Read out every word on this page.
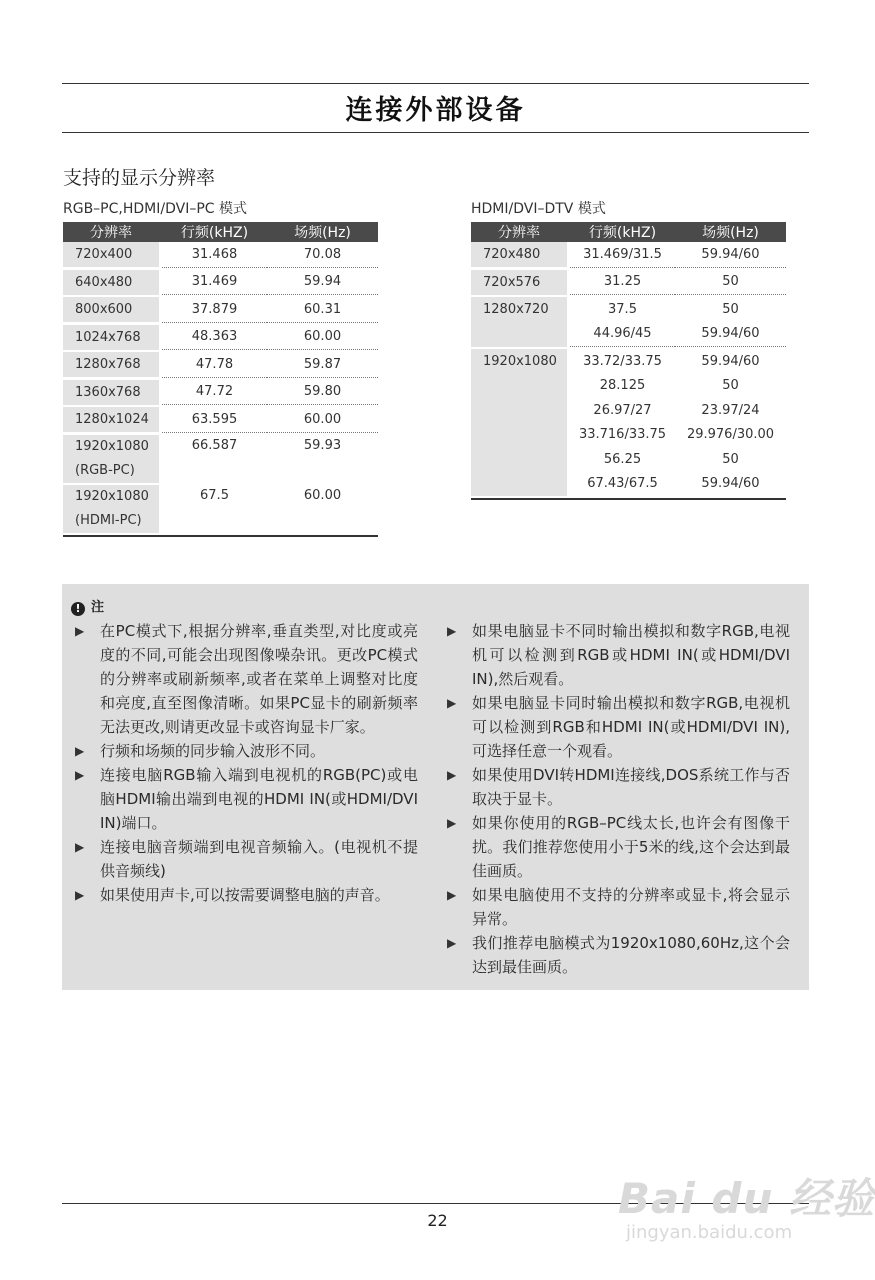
连接外部设备
支持的显示分辨率
RGB–PC,HDMI/DVI–PC 模式	HDMI/DVI–DTV 模式
分辨率		行频(kHZ)	场频(Hz)
720x400		31.468	70.08

640x480		31.469	59.94

800x600		37.879	60.31

1024x768		48.363	60.00

1280x768		47.78	59.87

1360x768		47.72	59.80

1280x1024		63.595	60.00

1920x1080
(RGB-PC)		66.587	59.93

1920x1080
(HDMI-PC)		67.5	60.00

分辨率		行频(kHZ)	场频(Hz)
720x480		31.469/31.5	59.94/60

720x576		31.25	50

1280x720		37.5	50
		44.96/45	59.94/60

1920x1080		33.72/33.75	59.94/60
		28.125	50
		26.97/27	23.97/24
		33.716/33.75	29.976/30.00
		56.25	50
		67.43/67.5	59.94/60

! 注
▶ 在PC模式下,根据分辨率,垂直类型,对比度或亮度的不同,可能会出现图像噪杂讯。更改PC模式的分辨率或刷新频率,或者在菜单上调整对比度和亮度,直至图像清晰。如果PC显卡的刷新频率无法更改,则请更改显卡或咨询显卡厂家。
▶ 行频和场频的同步输入波形不同。
▶ 连接电脑RGB输入端到电视机的RGB(PC)或电脑HDMI输出端到电视的HDMI IN(或HDMI/DVI IN)端口。
▶ 连接电脑音频端到电视音频输入。(电视机不提供音频线)
▶ 如果使用声卡,可以按需要调整电脑的声音。
▶ 如果电脑显卡不同时输出模拟和数字RGB,电视机可以检测到RGB或HDMI IN(或HDMI/DVI IN),然后观看。
▶ 如果电脑显卡同时输出模拟和数字RGB,电视机可以检测到RGB和HDMI IN(或HDMI/DVI IN),可选择任意一个观看。
▶ 如果使用DVI转HDMI连接线,DOS系统工作与否取决于显卡。
▶ 如果你使用的RGB–PC线太长,也许会有图像干扰。我们推荐您使用小于5米的线,这个会达到最佳画质。
▶ 如果电脑使用不支持的分辨率或显卡,将会显示异常。
▶ 我们推荐电脑模式为1920x1080,60Hz,这个会达到最佳画质。
22	Bai du 经验
jingyan.baidu.com
